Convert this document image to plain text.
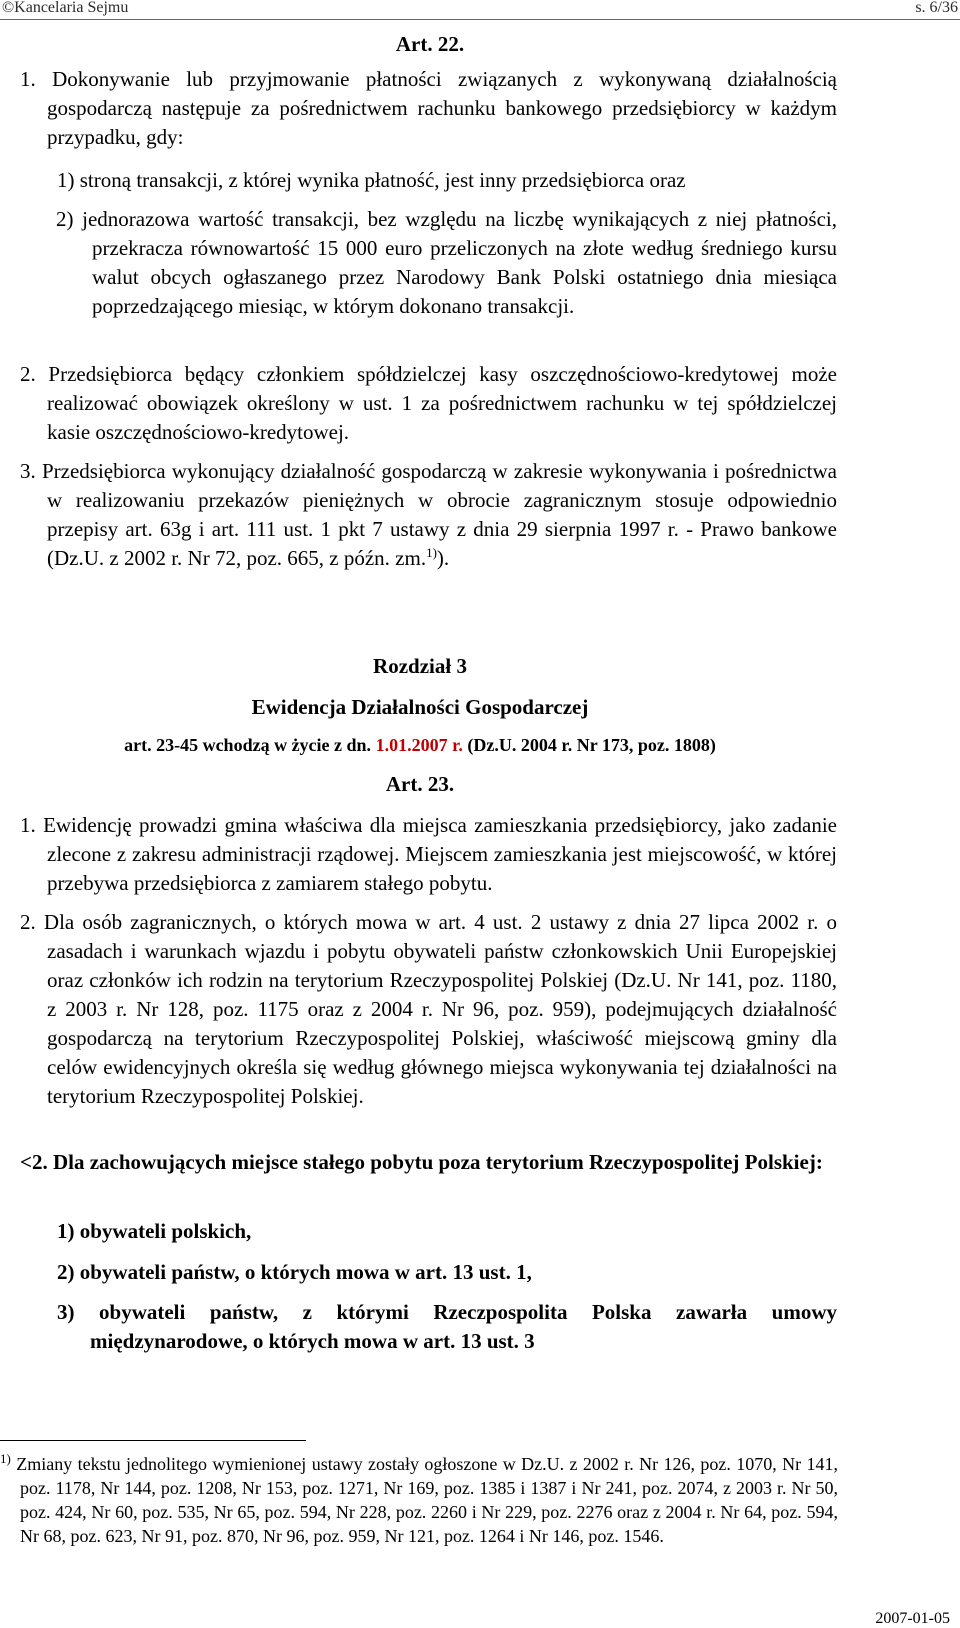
©Kancelaria Sejmu	s. 6/36
Art. 22.
1. Dokonywanie lub przyjmowanie płatności związanych z wykonywaną działalnością gospodarczą następuje za pośrednictwem rachunku bankowego przedsiębiorcy w każdym przypadku, gdy:
1) stroną transakcji, z której wynika płatność, jest inny przedsiębiorca oraz
2) jednorazowa wartość transakcji, bez względu na liczbę wynikających z niej płatności, przekracza równowartość 15 000 euro przeliczonych na złote według średniego kursu walut obcych ogłaszanego przez Narodowy Bank Polski ostatniego dnia miesiąca poprzedzającego miesiąc, w którym dokonano transakcji.
2. Przedsiębiorca będący członkiem spółdzielczej kasy oszczędnościowo-kredytowej może realizować obowiązek określony w ust. 1 za pośrednictwem rachunku w tej spółdzielczej kasie oszczędnościowo-kredytowej.
3. Przedsiębiorca wykonujący działalność gospodarczą w zakresie wykonywania i pośrednictwa w realizowaniu przekazów pieniężnych w obrocie zagranicznym stosuje odpowiednio przepisy art. 63g i art. 111 ust. 1 pkt 7 ustawy z dnia 29 sierpnia 1997 r. - Prawo bankowe (Dz.U. z 2002 r. Nr 72, poz. 665, z późn. zm.$^{1)}$).
Rozdział 3
Ewidencja Działalności Gospodarczej
art. 23-45 wchodzą w życie z dn. 1.01.2007 r. (Dz.U. 2004 r. Nr 173, poz. 1808)
Art. 23.
1. Ewidencję prowadzi gmina właściwa dla miejsca zamieszkania przedsiębiorcy, jako zadanie zlecone z zakresu administracji rządowej. Miejscem zamieszkania jest miejscowość, w której przebywa przedsiębiorca z zamiarem stałego pobytu.
2. Dla osób zagranicznych, o których mowa w art. 4 ust. 2 ustawy z dnia 27 lipca 2002 r. o zasadach i warunkach wjazdu i pobytu obywateli państw członkowskich Unii Europejskiej oraz członków ich rodzin na terytorium Rzeczypospolitej Polskiej (Dz.U. Nr 141, poz. 1180, z 2003 r. Nr 128, poz. 1175 oraz z 2004 r. Nr 96, poz. 959), podejmujących działalność gospodarczą na terytorium Rzeczypospolitej Polskiej, właściwość miejscową gminy dla celów ewidencyjnych określa się według głównego miejsca wykonywania tej działalności na terytorium Rzeczypospolitej Polskiej.
<2. Dla zachowujących miejsce stałego pobytu poza terytorium Rzeczypospolitej Polskiej:
1) obywateli polskich,
2) obywateli państw, o których mowa w art. 13 ust. 1,
3) obywateli państw, z którymi Rzeczpospolita Polska zawarła umowy międzynarodowe, o których mowa w art. 13 ust. 3
$^{1)}$ Zmiany tekstu jednolitego wymienionej ustawy zostały ogłoszone w Dz.U. z 2002 r. Nr 126, poz. 1070, Nr 141, poz. 1178, Nr 144, poz. 1208, Nr 153, poz. 1271, Nr 169, poz. 1385 i 1387 i Nr 241, poz. 2074, z 2003 r. Nr 50, poz. 424, Nr 60, poz. 535, Nr 65, poz. 594, Nr 228, poz. 2260 i Nr 229, poz. 2276 oraz z 2004 r. Nr 64, poz. 594, Nr 68, poz. 623, Nr 91, poz. 870, Nr 96, poz. 959, Nr 121, poz. 1264 i Nr 146, poz. 1546.
2007-01-05
